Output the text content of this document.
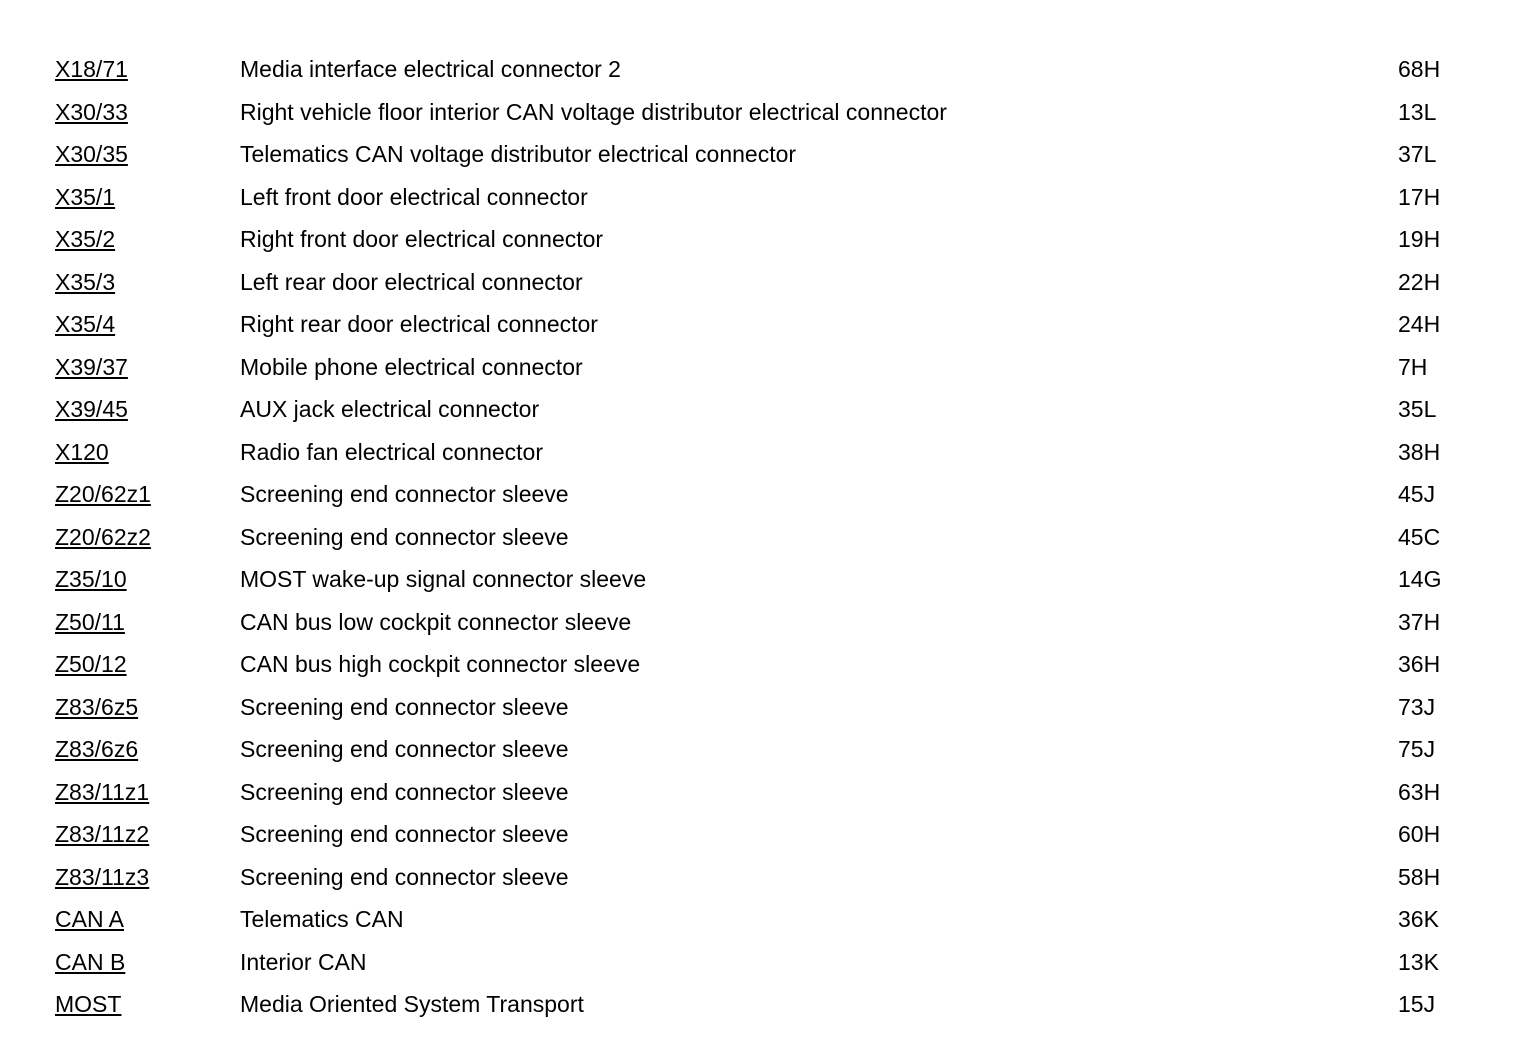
X18/71	Media interface electrical connector 2	68H
X30/33	Right vehicle floor interior CAN voltage distributor electrical connector	13L
X30/35	Telematics CAN voltage distributor electrical connector	37L
X35/1	Left front door electrical connector	17H
X35/2	Right front door electrical connector	19H
X35/3	Left rear door electrical connector	22H
X35/4	Right rear door electrical connector	24H
X39/37	Mobile phone electrical connector	7H
X39/45	AUX jack electrical connector	35L
X120	Radio fan electrical connector	38H
Z20/62z1	Screening end connector sleeve	45J
Z20/62z2	Screening end connector sleeve	45C
Z35/10	MOST wake-up signal connector sleeve	14G
Z50/11	CAN bus low cockpit connector sleeve	37H
Z50/12	CAN bus high cockpit connector sleeve	36H
Z83/6z5	Screening end connector sleeve	73J
Z83/6z6	Screening end connector sleeve	75J
Z83/11z1	Screening end connector sleeve	63H
Z83/11z2	Screening end connector sleeve	60H
Z83/11z3	Screening end connector sleeve	58H
CAN A	Telematics CAN	36K
CAN B	Interior CAN	13K
MOST	Media Oriented System Transport	15J
